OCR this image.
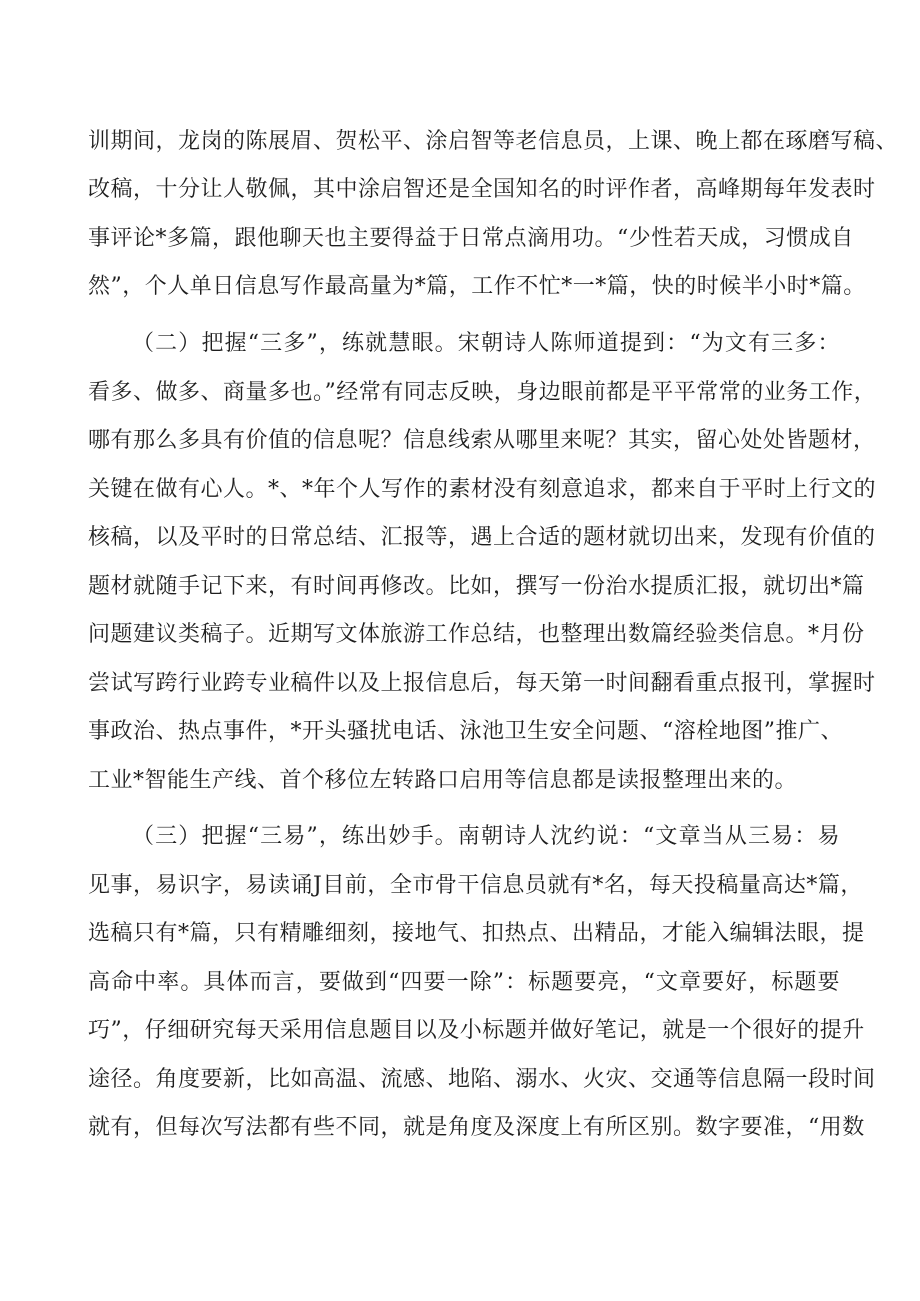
训期间，龙岗的陈展眉、贺松平、涂启智等老信息员，上课、晚上都在琢磨写稿、
改稿，十分让人敬佩，其中涂启智还是全国知名的时评作者，高峰期每年发表时
事评论*多篇，跟他聊天也主要得益于日常点滴用功。“少性若天成，习惯成自
然”，个人单日信息写作最高量为*篇，工作不忙*一*篇，快的时候半小时*篇。
（二）把握“三多”，练就慧眼。宋朝诗人陈师道提到：“为文有三多：
看多、做多、商量多也。”经常有同志反映，身边眼前都是平平常常的业务工作，
哪有那么多具有价值的信息呢？信息线索从哪里来呢？其实，留心处处皆题材，
关键在做有心人。*、*年个人写作的素材没有刻意追求，都来自于平时上行文的
核稿，以及平时的日常总结、汇报等，遇上合适的题材就切出来，发现有价值的
题材就随手记下来，有时间再修改。比如，撰写一份治水提质汇报，就切出*篇
问题建议类稿子。近期写文体旅游工作总结，也整理出数篇经验类信息。*月份
尝试写跨行业跨专业稿件以及上报信息后，每天第一时间翻看重点报刊，掌握时
事政治、热点事件，*开头骚扰电话、泳池卫生安全问题、“溶栓地图”推广、
工业*智能生产线、首个移位左转路口启用等信息都是读报整理出来的。
（三）把握“三易”，练出妙手。南朝诗人沈约说：“文章当从三易：易
见事，易识字，易读诵J目前，全市骨干信息员就有*名，每天投稿量高达*篇，
选稿只有*篇，只有精雕细刻，接地气、扣热点、出精品，才能入编辑法眼，提
高命中率。具体而言，要做到“四要一除”：标题要亮，“文章要好，标题要
巧”，仔细研究每天采用信息题目以及小标题并做好笔记，就是一个很好的提升
途径。角度要新，比如高温、流感、地陷、溺水、火灾、交通等信息隔一段时间
就有，但每次写法都有些不同，就是角度及深度上有所区别。数字要准，“用数
